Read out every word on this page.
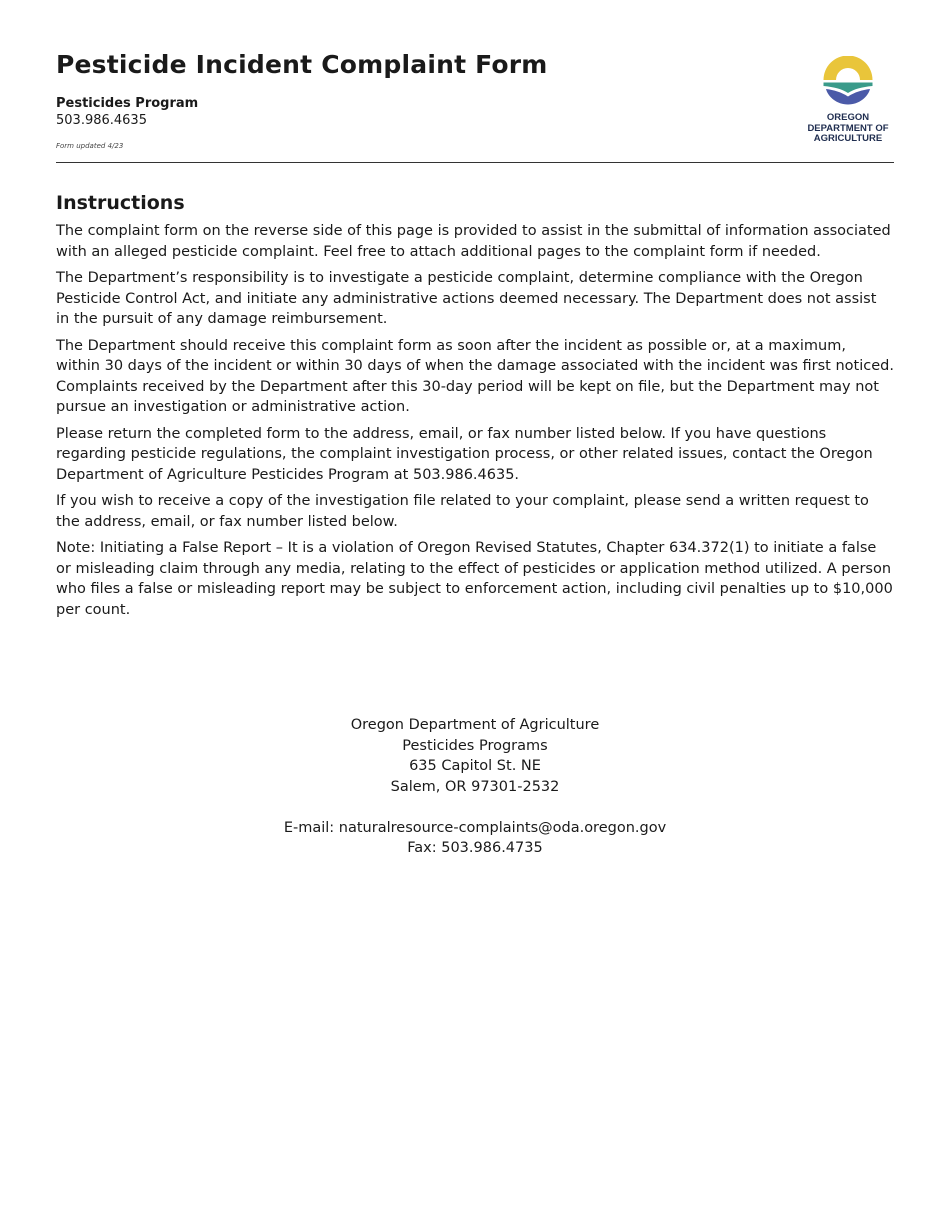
Pesticide Incident Complaint Form
Pesticides Program
503.986.4635
Form updated 4/23
OREGON
DEPARTMENT OF
AGRICULTURE
Instructions

The complaint form on the reverse side of this page is provided to assist in the submittal of information associated with an alleged pesticide complaint. Feel free to attach additional pages to the complaint form if needed.

The Department’s responsibility is to investigate a pesticide complaint, determine compliance with the Oregon Pesticide Control Act, and initiate any administrative actions deemed necessary. The Department does not assist in the pursuit of any damage reimbursement.

The Department should receive this complaint form as soon after the incident as possible or, at a maximum, within 30 days of the incident or within 30 days of when the damage associated with the incident was first noticed. Complaints received by the Department after this 30-day period will be kept on file, but the Department may not pursue an investigation or administrative action.

Please return the completed form to the address, email, or fax number listed below. If you have questions regarding pesticide regulations, the complaint investigation process, or other related issues, contact the Oregon Department of Agriculture Pesticides Program at 503.986.4635.

If you wish to receive a copy of the investigation file related to your complaint, please send a written request to the address, email, or fax number listed below.

Note: Initiating a False Report – It is a violation of Oregon Revised Statutes, Chapter 634.372(1) to initiate a false or misleading claim through any media, relating to the effect of pesticides or application method utilized. A person who files a false or misleading report may be subject to enforcement action, including civil penalties up to $10,000 per count.

Oregon Department of Agriculture
Pesticides Programs
635 Capitol St. NE
Salem, OR 97301-2532
E-mail: naturalresource-complaints@oda.oregon.gov
Fax: 503.986.4735
